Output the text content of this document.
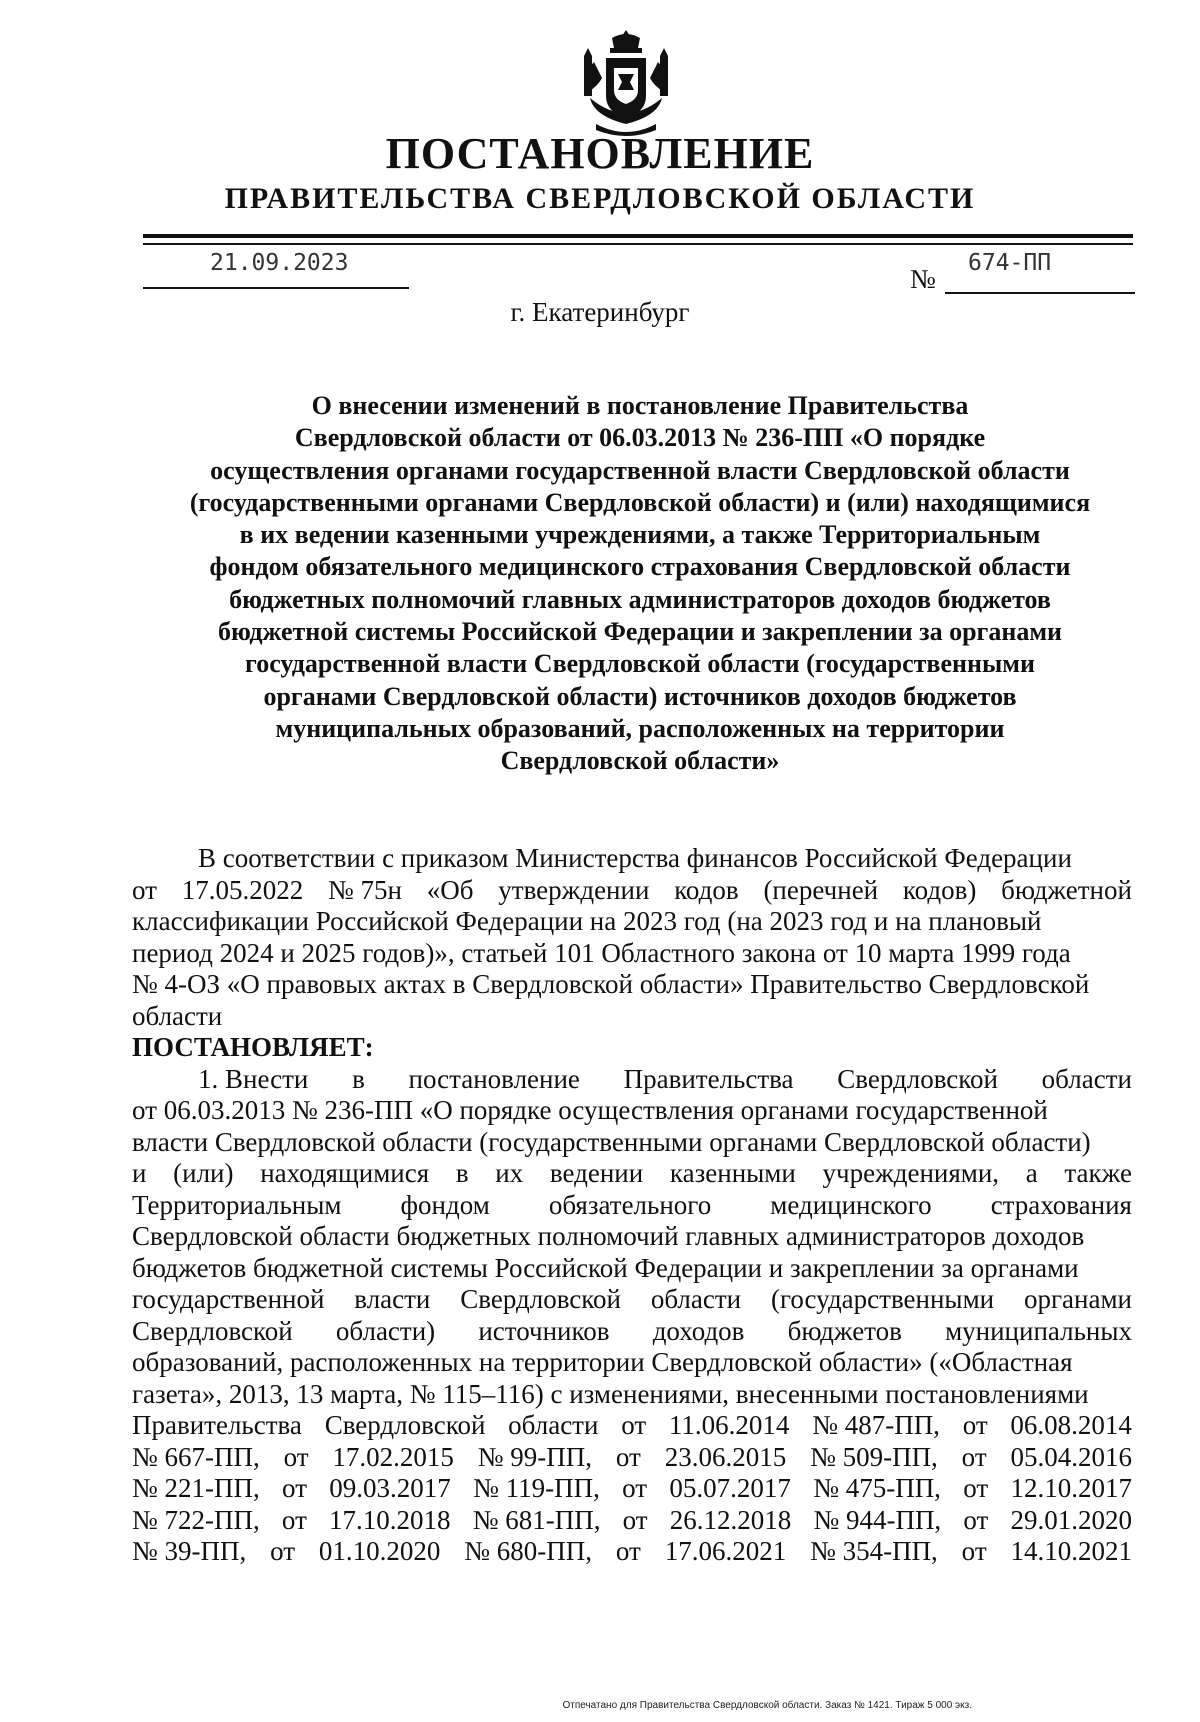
ПОСТАНОВЛЕНИЕ
ПРАВИТЕЛЬСТВА СВЕРДЛОВСКОЙ ОБЛАСТИ
21.09.2023
№
674-ПП
г. Екатеринбург
О внесении изменений в постановление Правительства
Свердловской области от 06.03.2013 № 236-ПП «О порядке
осуществления органами государственной власти Свердловской области
(государственными органами Свердловской области) и (или) находящимися
в их ведении казенными учреждениями, а также Территориальным
фондом обязательного медицинского страхования Свердловской области
бюджетных полномочий главных администраторов доходов бюджетов
бюджетной системы Российской Федерации и закреплении за органами
государственной власти Свердловской области (государственными
органами Свердловской области) источников доходов бюджетов
муниципальных образований, расположенных на территории
Свердловской области»
В соответствии с приказом Министерства финансов Российской Федерации
от 17.05.2022 № 75н «Об утверждении кодов (перечней кодов) бюджетной
классификации Российской Федерации на 2023 год (на 2023 год и на плановый
период 2024 и 2025 годов)», статьей 101 Областного закона от 10 марта 1999 года
№ 4-ОЗ «О правовых актах в Свердловской области» Правительство Свердловской
области
ПОСТАНОВЛЯЕТ:
1. Внести в постановление Правительства Свердловской области
от 06.03.2013 № 236-ПП «О порядке осуществления органами государственной
власти Свердловской области (государственными органами Свердловской области)
и (или) находящимися в их ведении казенными учреждениями, а также
Территориальным фондом обязательного медицинского страхования
Свердловской области бюджетных полномочий главных администраторов доходов
бюджетов бюджетной системы Российской Федерации и закреплении за органами
государственной власти Свердловской области (государственными органами
Свердловской области) источников доходов бюджетов муниципальных
образований, расположенных на территории Свердловской области» («Областная
газета», 2013, 13 марта, № 115–116) с изменениями, внесенными постановлениями
Правительства Свердловской области от 11.06.2014 № 487-ПП, от 06.08.2014
№ 667-ПП, от 17.02.2015 № 99-ПП, от 23.06.2015 № 509-ПП, от 05.04.2016
№ 221-ПП, от 09.03.2017 № 119-ПП, от 05.07.2017 № 475-ПП, от 12.10.2017
№ 722-ПП, от 17.10.2018 № 681-ПП, от 26.12.2018 № 944-ПП, от 29.01.2020
№ 39-ПП, от 01.10.2020 № 680-ПП, от 17.06.2021 № 354-ПП, от 14.10.2021
Отпечатано для Правительства Свердловской области. Заказ № 1421. Тираж 5 000 экз.
